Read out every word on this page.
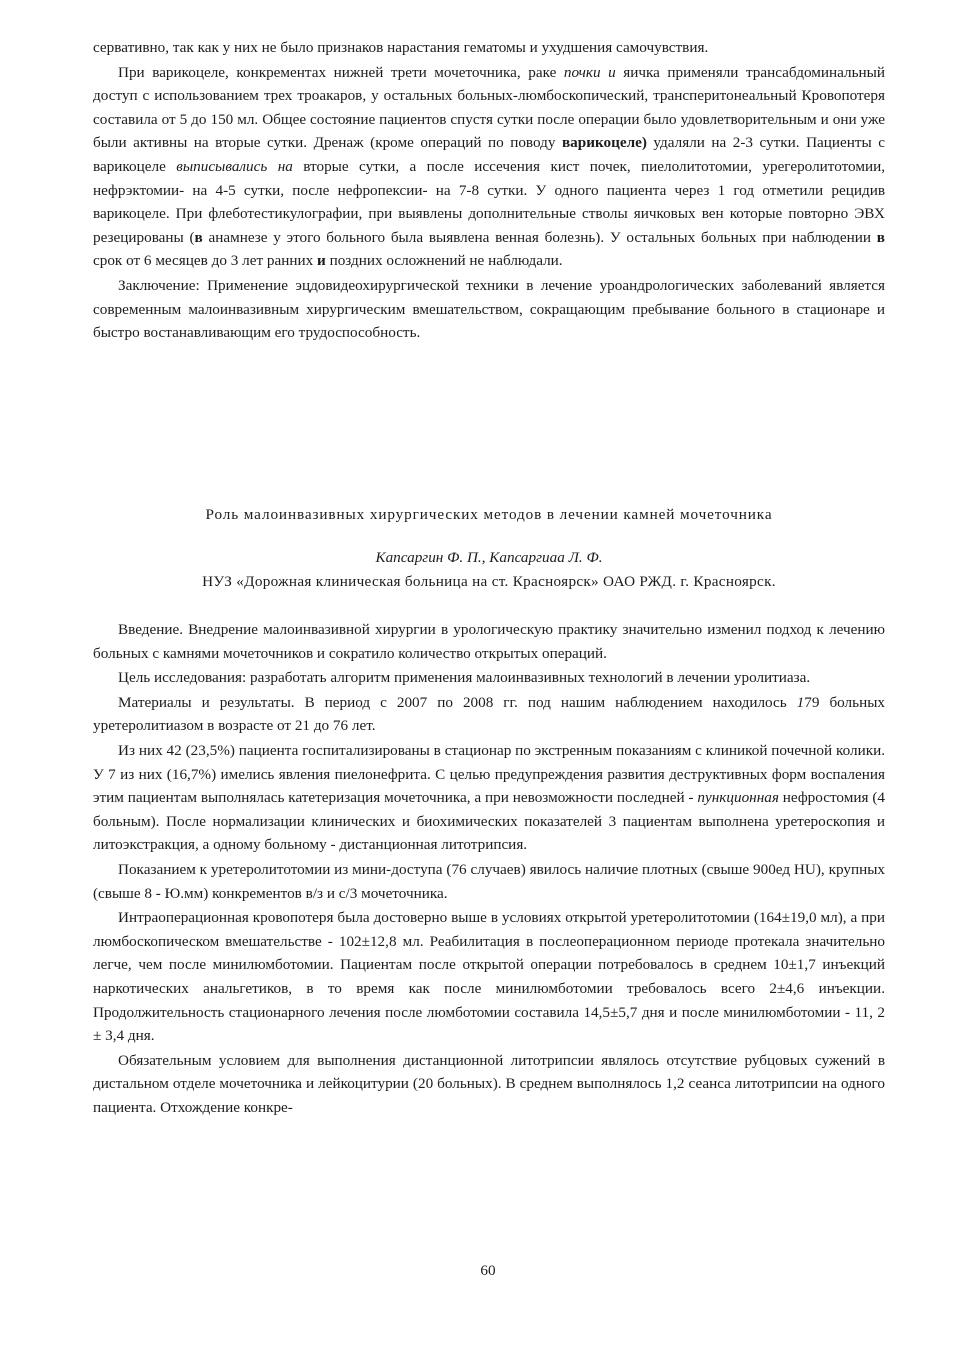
сервативно, так как у них не было признаков нарастания гематомы и ухудшения самочувствия.

При варикоцеле, конкрементах нижней трети мочеточника, раке почки и яичка применяли трансабдоминальный доступ с использованием трех троакаров, у остальных больных-люмбоскопический, трансперитонеальный Кровопотеря составила от 5 до 150 мл. Общее состояние пациентов спустя сутки после операции было удовлетворительным и они уже были активны на вторые сутки. Дренаж (кроме операций по поводу варикоцеле) удаляли на 2-3 сутки. Пациенты с варикоцеле выписывались на вторые сутки, а после иссечения кист почек, пиелолитотомии, урегеролитотомии, нефрэктомии- на 4-5 сутки, после нефропексии- на 7-8 сутки. У одного пациента через 1 год отметили рецидив варикоцеле. При флеботестикулографии, при выявлены дополнительные стволы яичковых вен которые повторно ЭВХ резецированы (в анамнезе у этого больного была выявлена венная болезнь). У остальных больных при наблюдении в срок от 6 месяцев до 3 лет ранних и поздних осложнений не наблюдали.

Заключение: Применение эцдовидеохирургической техники в лечение уроандрологических заболеваний является современным малоинвазивным хирургическим вмешательством, сокращающим пребывание больного в стационаре и быстро востанавливающим его трудоспособность.

Роль малоинвазивных хирургических методов в лечении камней мочеточника

Капсаргин Ф. П., Капсаргиаа Л. Ф.

НУЗ «Дорожная клиническая больница на ст. Красноярск» ОАО РЖД. г. Красноярск.

Введение. Внедрение малоинвазивной хирургии в урологическую практику значительно изменил подход к лечению больных с камнями мочеточников и сократило количество открытых операций.

Цель исследования: разработать алгоритм применения малоинвазивных технологий в лечении уролитиаза.

Материалы и результаты. В период с 2007 по 2008 гг. под нашим наблюдением находилось 179 больных уретеролитиазом в возрасте от 21 до 76 лет.

Из них 42 (23,5%) пациента госпитализированы в стационар по экстренным показаниям с клиникой почечной колики. У 7 из них (16,7%) имелись явления пиелонефрита. С целью предупреждения развития деструктивных форм воспаления этим пациентам выполнялась катетеризация мочеточника, а при невозможности последней - пункционная нефростомия (4 больным). После нормализации клинических и биохимических показателей 3 пациентам выполнена уретероскопия и литоэкстракция, а одному больному - дистанционная литотрипсия.

Показанием к уретеролитотомии из мини-доступа (76 случаев) явилось наличие плотных (свыше 900ед HU), крупных (свыше 8 - Ю.мм) конкрементов в/з и с/3 мочеточника.

Интраоперационная кровопотеря была достоверно выше в условиях открытой уретеролитотомии (164±19,0 мл), а при люмбоскопическом вмешательстве - 102±12,8 мл. Реабилитация в послеоперационном периоде протекала значительно легче, чем после минилюмботомии. Пациентам после открытой операции потребовалось в среднем 10±1,7 инъекций наркотических анальгетиков, в то время как после минилюмботомии требовалось всего 2±4,6 инъекции. Продолжительность стационарного лечения после люмботомии составила 14,5±5,7 дня и после минилюмботомии - 11, 2 ± 3,4 дня.

Обязательным условием для выполнения дистанционной литотрипсии являлось отсутствие рубцовых сужений в дистальном отделе мочеточника и лейкоцитурии (20 больных). В среднем выполнялось 1,2 сеанса литотрипсии на одного пациента. Отхождение конкре-

60
